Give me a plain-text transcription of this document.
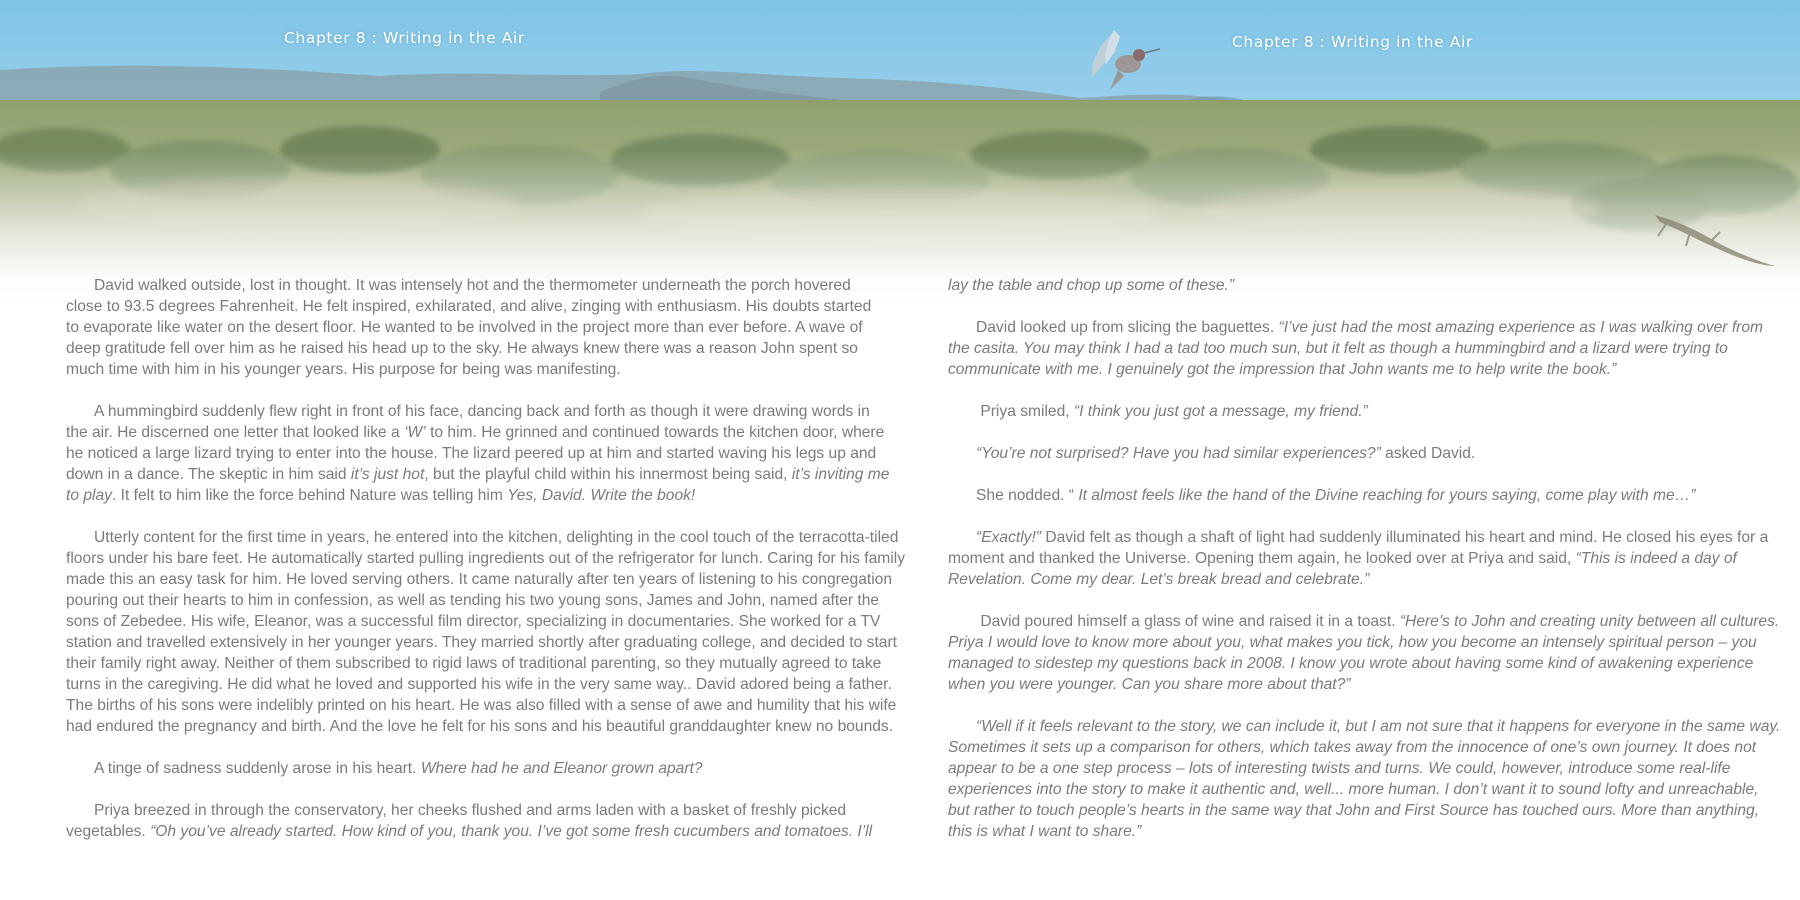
Chapter 8 : Writing in the Air	Chapter 8 : Writing in the Air
David walked outside, lost in thought. It was intensely hot and the thermometer underneath the porch hovered
close to 93.5 degrees Fahrenheit. He felt inspired, exhilarated, and alive, zinging with enthusiasm. His doubts started
to evaporate like water on the desert floor. He wanted to be involved in the project more than ever before. A wave of
deep gratitude fell over him as he raised his head up to the sky. He always knew there was a reason John spent so
much time with him in his younger years. His purpose for being was manifesting.
A hummingbird suddenly flew right in front of his face, dancing back and forth as though it were drawing words in
the air. He discerned one letter that looked like a ‘W’ to him. He grinned and continued towards the kitchen door, where
he noticed a large lizard trying to enter into the house. The lizard peered up at him and started waving his legs up and
down in a dance. The skeptic in him said it’s just hot, but the playful child within his innermost being said, it’s inviting me
to play. It felt to him like the force behind Nature was telling him Yes, David. Write the book!
Utterly content for the first time in years, he entered into the kitchen, delighting in the cool touch of the terracotta-tiled
floors under his bare feet. He automatically started pulling ingredients out of the refrigerator for lunch. Caring for his family
made this an easy task for him. He loved serving others. It came naturally after ten years of listening to his congregation
pouring out their hearts to him in confession, as well as tending his two young sons, James and John, named after the
sons of Zebedee. His wife, Eleanor, was a successful film director, specializing in documentaries. She worked for a TV
station and travelled extensively in her younger years. They married shortly after graduating college, and decided to start
their family right away. Neither of them subscribed to rigid laws of traditional parenting, so they mutually agreed to take
turns in the caregiving. He did what he loved and supported his wife in the very same way.. David adored being a father.
The births of his sons were indelibly printed on his heart. He was also filled with a sense of awe and humility that his wife
had endured the pregnancy and birth. And the love he felt for his sons and his beautiful granddaughter knew no bounds.
A tinge of sadness suddenly arose in his heart. Where had he and Eleanor grown apart?
Priya breezed in through the conservatory, her cheeks flushed and arms laden with a basket of freshly picked
vegetables. “Oh you’ve already started. How kind of you, thank you. I’ve got some fresh cucumbers and tomatoes. I’ll
lay the table and chop up some of these.”
David looked up from slicing the baguettes. “I’ve just had the most amazing experience as I was walking over from
the casita. You may think I had a tad too much sun, but it felt as though a hummingbird and a lizard were trying to
communicate with me. I genuinely got the impression that John wants me to help write the book.”
Priya smiled, “I think you just got a message, my friend.”
“You’re not surprised? Have you had similar experiences?” asked David.
She nodded. “ It almost feels like the hand of the Divine reaching for yours saying, come play with me…”
“Exactly!” David felt as though a shaft of light had suddenly illuminated his heart and mind. He closed his eyes for a
moment and thanked the Universe. Opening them again, he looked over at Priya and said, “This is indeed a day of
Revelation. Come my dear. Let’s break bread and celebrate.”
David poured himself a glass of wine and raised it in a toast. “Here’s to John and creating unity between all cultures.
Priya I would love to know more about you, what makes you tick, how you become an intensely spiritual person – you
managed to sidestep my questions back in 2008. I know you wrote about having some kind of awakening experience
when you were younger. Can you share more about that?”
“Well if it feels relevant to the story, we can include it, but I am not sure that it happens for everyone in the same way.
Sometimes it sets up a comparison for others, which takes away from the innocence of one’s own journey. It does not
appear to be a one step process – lots of interesting twists and turns. We could, however, introduce some real-life
experiences into the story to make it authentic and, well... more human. I don’t want it to sound lofty and unreachable,
but rather to touch people’s hearts in the same way that John and First Source has touched ours. More than anything,
this is what I want to share.”
